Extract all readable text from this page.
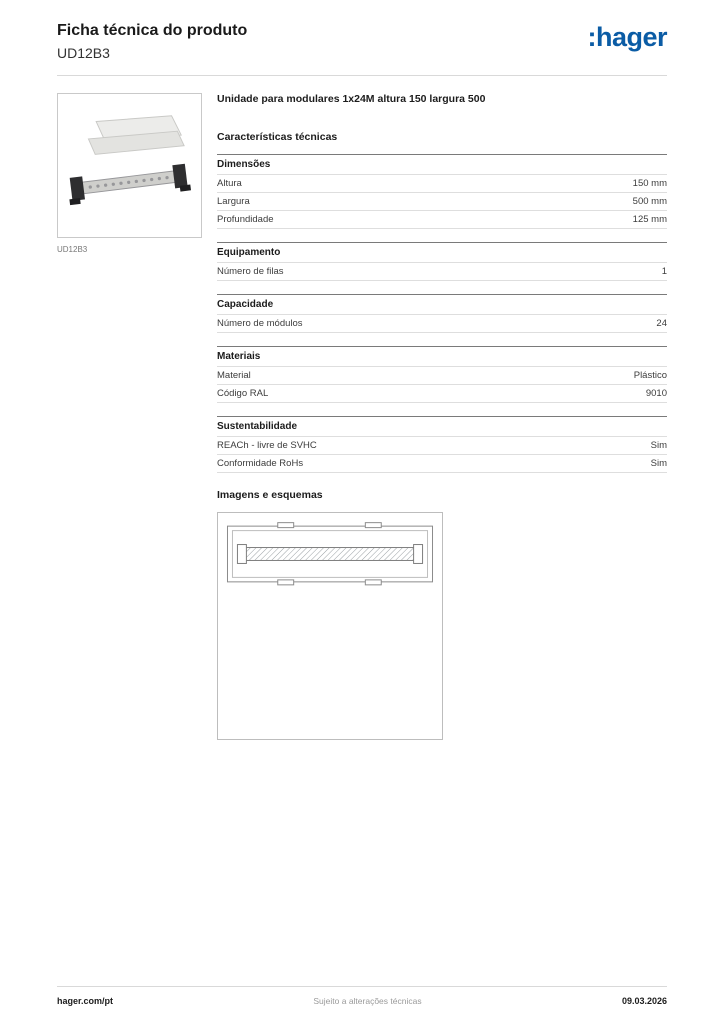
Ficha técnica do produto
UD12B3
:hager
UD12B3
Unidade para modulares 1x24M altura 150 largura 500
Características técnicas
Dimensões
Altura	150 mm
Largura	500 mm
Profundidade	125 mm
Equipamento
Número de filas	1
Capacidade
Número de módulos	24
Materiais
Material	Plástico
Código RAL	9010
Sustentabilidade
REACh - livre de SVHC	Sim
Conformidade RoHs	Sim
Imagens e esquemas
hager.com/pt	Sujeito a alterações técnicas	09.03.2026
